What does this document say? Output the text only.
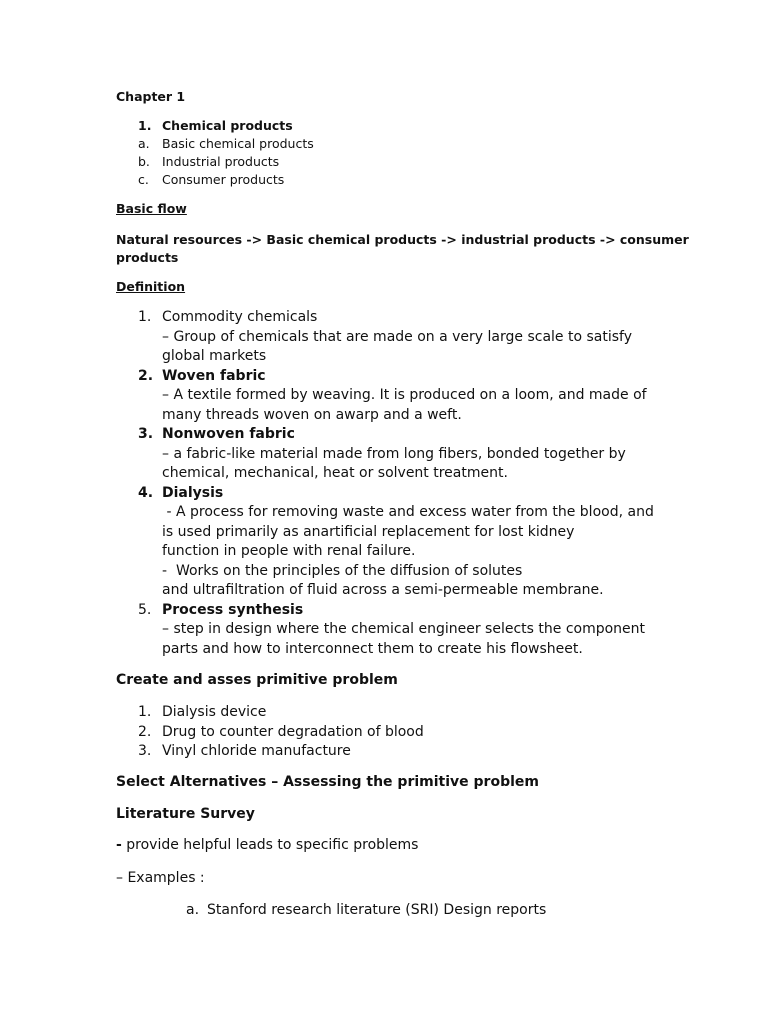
Chapter 1
1. Chemical products
a. Basic chemical products
b. Industrial products
c. Consumer products
Basic flow
Natural resources -> Basic chemical products -> industrial products -> consumer
products
Definition
1. Commodity chemicals
– Group of chemicals that are made on a very large scale to satisfy
global markets
2. Woven fabric
– A textile formed by weaving. It is produced on a loom, and made of
many threads woven on awarp and a weft.
3. Nonwoven fabric
– a fabric-like material made from long fibers, bonded together by
chemical, mechanical, heat or solvent treatment.
4. Dialysis
- A process for removing waste and excess water from the blood, and
is used primarily as anartificial replacement for lost kidney
function in people with renal failure.
-  Works on the principles of the diffusion of solutes
and ultrafiltration of fluid across a semi-permeable membrane.
5. Process synthesis
– step in design where the chemical engineer selects the component
parts and how to interconnect them to create his flowsheet.
Create and asses primitive problem
1. Dialysis device
2. Drug to counter degradation of blood
3. Vinyl chloride manufacture
Select Alternatives – Assessing the primitive problem
Literature Survey
- provide helpful leads to specific problems
– Examples :
a. Stanford research literature (SRI) Design reports
